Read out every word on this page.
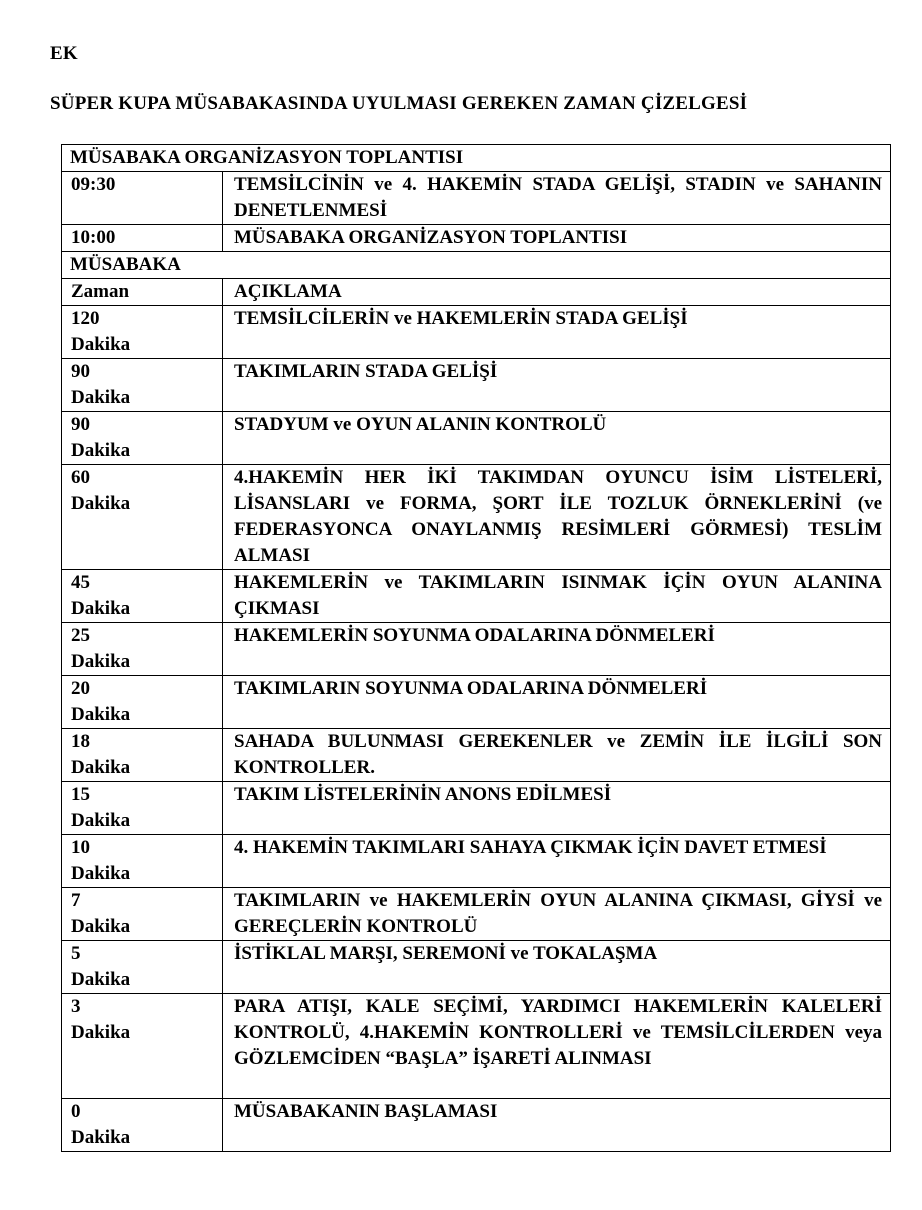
EK

SÜPER KUPA MÜSABAKASINDA UYULMASI GEREKEN ZAMAN ÇİZELGESİ

MÜSABAKA ORGANİZASYON TOPLANTISI	
09:30	TEMSİLCİNİN ve 4. HAKEMİN STADA GELİŞİ, STADIN ve SAHANIN DENETLENMESİ
10:00	MÜSABAKA ORGANİZASYON TOPLANTISI
MÜSABAKA	
Zaman	AÇIKLAMA

120
Dakika	TEMSİLCİLERİN ve HAKEMLERİN STADA GELİŞİ

90
Dakika	TAKIMLARIN STADA GELİŞİ

90
Dakika	STADYUM ve OYUN ALANIN KONTROLÜ

60
Dakika	4.HAKEMİN HER İKİ TAKIMDAN OYUNCU İSİM LİSTELERİ, LİSANSLARI ve FORMA, ŞORT İLE TOZLUK ÖRNEKLERİNİ (ve FEDERASYONCA ONAYLANMIŞ RESİMLERİ GÖRMESİ) TESLİM ALMASI

45
Dakika	HAKEMLERİN ve TAKIMLARIN ISINMAK İÇİN OYUN ALANINA ÇIKMASI

25
Dakika	HAKEMLERİN SOYUNMA ODALARINA DÖNMELERİ

20
Dakika	TAKIMLARIN SOYUNMA ODALARINA DÖNMELERİ

18
Dakika	SAHADA BULUNMASI GEREKENLER ve ZEMİN İLE İLGİLİ SON KONTROLLER.

15
Dakika	TAKIM LİSTELERİNİN ANONS EDİLMESİ

10
Dakika	4. HAKEMİN TAKIMLARI SAHAYA ÇIKMAK İÇİN DAVET ETMESİ

7
Dakika	TAKIMLARIN ve HAKEMLERİN OYUN ALANINA ÇIKMASI, GİYSİ ve GEREÇLERİN KONTROLÜ

5
Dakika	İSTİKLAL MARŞI, SEREMONİ ve TOKALAŞMA

3
Dakika	PARA ATIŞI, KALE SEÇİMİ, YARDIMCI HAKEMLERİN KALELERİ KONTROLÜ, 4.HAKEMİN KONTROLLERİ ve TEMSİLCİLERDEN veya GÖZLEMCİDEN “BAŞLA” İŞARETİ ALINMASI

0
Dakika	MÜSABAKANIN BAŞLAMASI
